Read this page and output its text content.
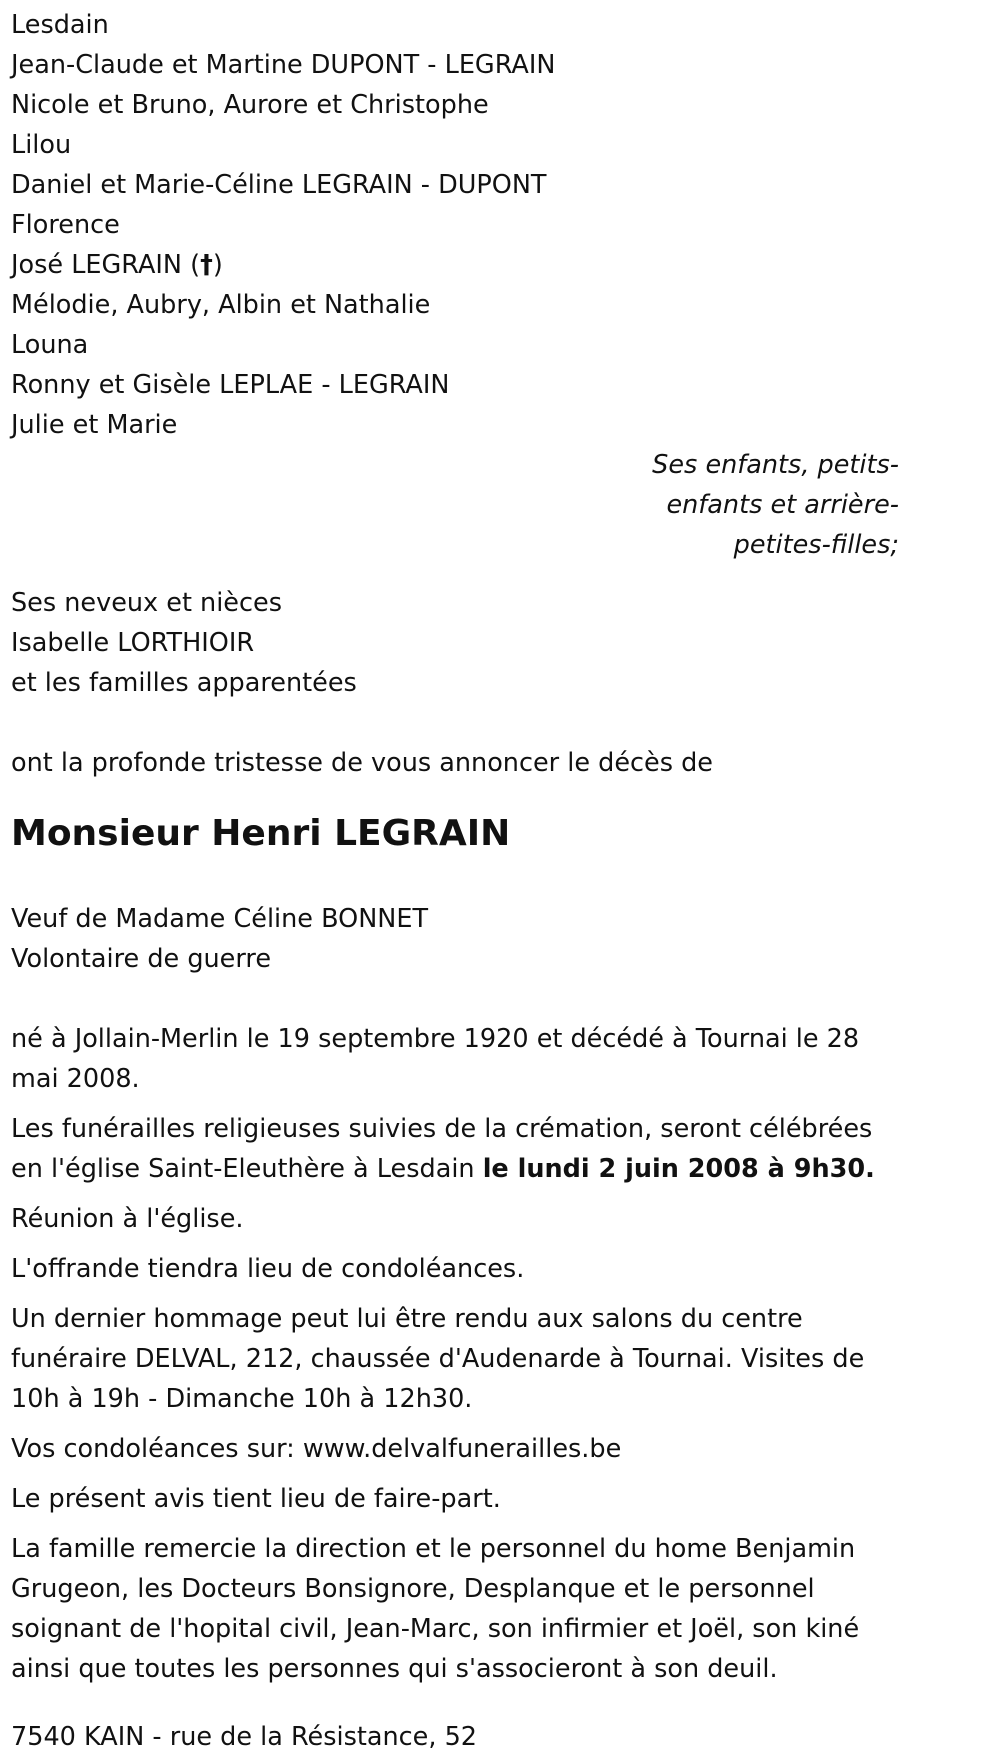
Lesdain
Jean-Claude et Martine DUPONT - LEGRAIN
Nicole et Bruno, Aurore et Christophe
Lilou
Daniel et Marie-Céline LEGRAIN - DUPONT
Florence
José LEGRAIN (†)
Mélodie, Aubry, Albin et Nathalie
Louna
Ronny et Gisèle LEPLAE - LEGRAIN
Julie et Marie
Ses enfants, petits-
enfants et arrière-
petites-filles;
Ses neveux et nièces
Isabelle LORTHIOIR
et les familles apparentées
ont la profonde tristesse de vous annoncer le décès de
Monsieur Henri LEGRAIN
Veuf de Madame Céline BONNET
Volontaire de guerre

né à Jollain-Merlin le 19 septembre 1920 et décédé à Tournai le 28 mai 2008.

Les funérailles religieuses suivies de la crémation, seront célébrées en l'église Saint-Eleuthère à Lesdain le lundi 2 juin 2008 à 9h30.

Réunion à l'église.

L'offrande tiendra lieu de condoléances.

Un dernier hommage peut lui être rendu aux salons du centre funéraire DELVAL, 212, chaussée d'Audenarde à Tournai. Visites de 10h à 19h - Dimanche 10h à 12h30.

Vos condoléances sur: www.delvalfunerailles.be

Le présent avis tient lieu de faire-part.

La famille remercie la direction et le personnel du home Benjamin Grugeon, les Docteurs Bonsignore, Desplanque et le personnel soignant de l'hopital civil, Jean-Marc, son infirmier et Joël, son kiné ainsi que toutes les personnes qui s'associeront à son deuil.

7540 KAIN - rue de la Résistance, 52
